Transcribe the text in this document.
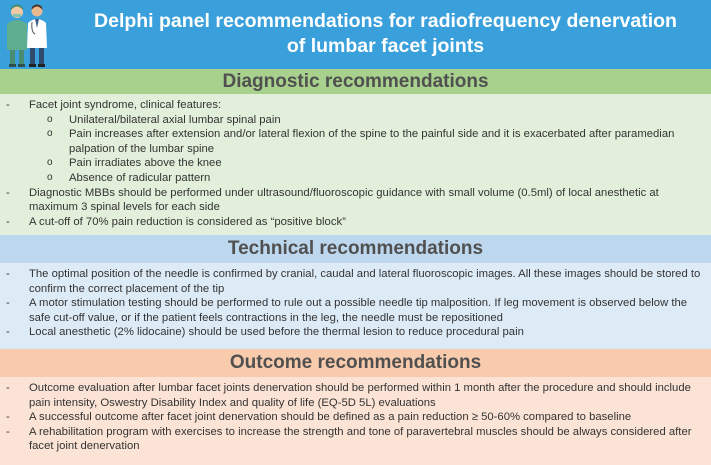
Delphi panel recommendations for radiofrequency denervation
of lumbar facet joints
Diagnostic recommendations
- Facet joint syndrome, clinical features:
o Unilateral/bilateral axial lumbar spinal pain
o Pain increases after extension and/or lateral flexion of the spine to the painful side and it is exacerbated after paramedian palpation of the lumbar spine
o Pain irradiates above the knee
o Absence of radicular pattern
- Diagnostic MBBs should be performed under ultrasound/fluoroscopic guidance with small volume (0.5ml) of local anesthetic at maximum 3 spinal levels for each side
- A cut-off of 70% pain reduction is considered as “positive block”
Technical recommendations
- The optimal position of the needle is confirmed by cranial, caudal and lateral fluoroscopic images. All these images should be stored to confirm the correct placement of the tip
- A motor stimulation testing should be performed to rule out a possible needle tip malposition. If leg movement is observed below the safe cut-off value, or if the patient feels contractions in the leg, the needle must be repositioned
- Local anesthetic (2% lidocaine) should be used before the thermal lesion to reduce procedural pain
Outcome recommendations
- Outcome evaluation after lumbar facet joints denervation should be performed within 1 month after the procedure and should include pain intensity, Oswestry Disability Index and quality of life (EQ-5D 5L) evaluations
- A successful outcome after facet joint denervation should be defined as a pain reduction ≥ 50-60% compared to baseline
- A rehabilitation program with exercises to increase the strength and tone of paravertebral muscles should be always considered after facet joint denervation
